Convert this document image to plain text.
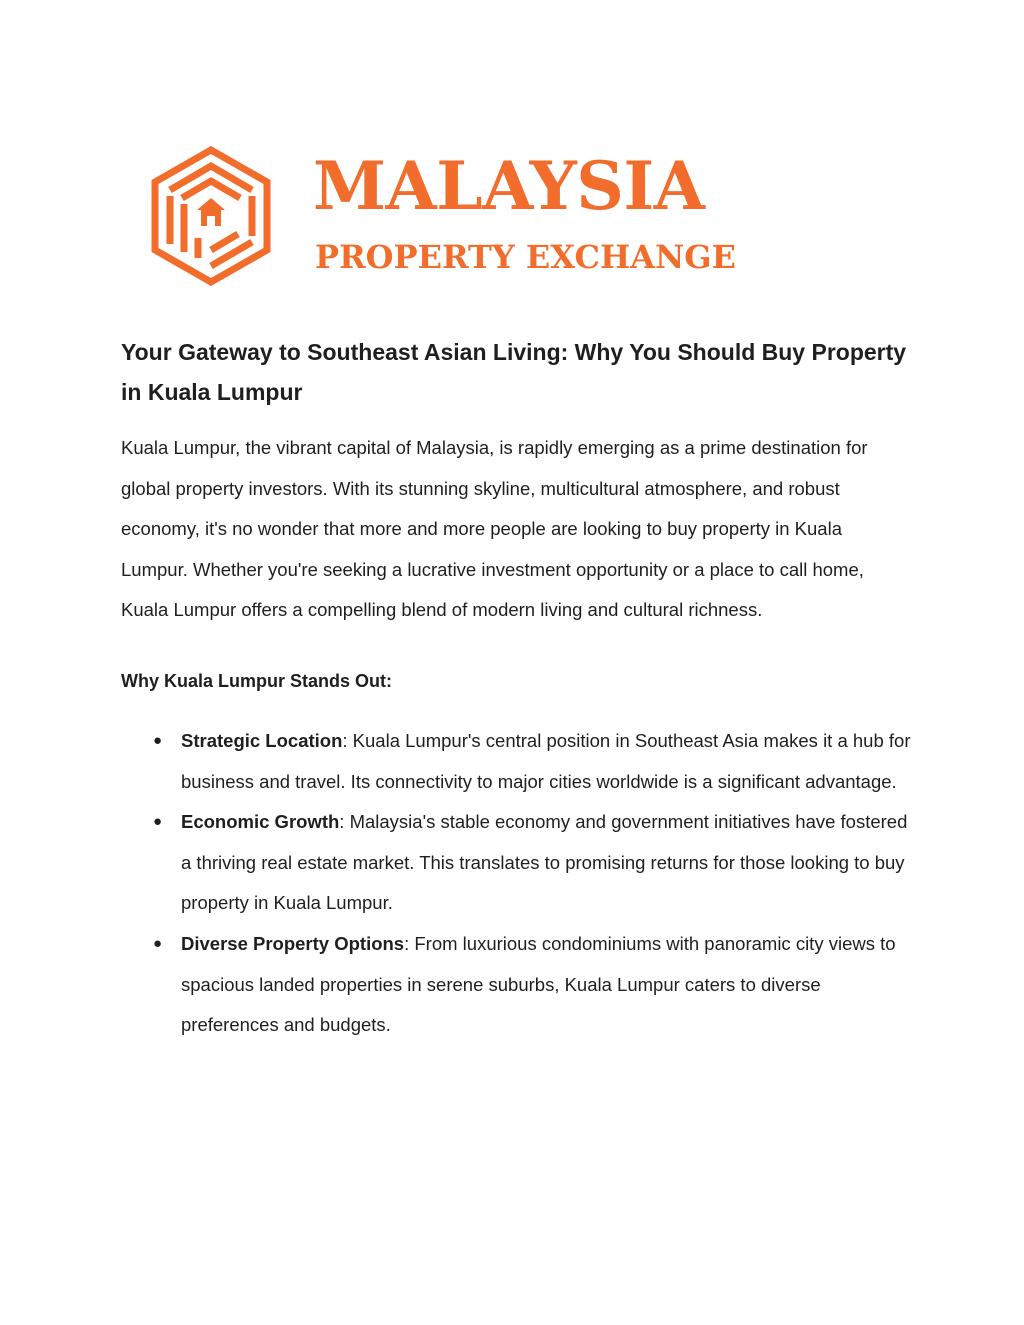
MALAYSIA
PROPERTY EXCHANGE
Your Gateway to Southeast Asian Living: Why You Should Buy Property in Kuala Lumpur

Kuala Lumpur, the vibrant capital of Malaysia, is rapidly emerging as a prime destination for global property investors. With its stunning skyline, multicultural atmosphere, and robust economy, it's no wonder that more and more people are looking to buy property in Kuala Lumpur. Whether you're seeking a lucrative investment opportunity or a place to call home, Kuala Lumpur offers a compelling blend of modern living and cultural richness.

Why Kuala Lumpur Stands Out:
● Strategic Location: Kuala Lumpur's central position in Southeast Asia makes it a hub for business and travel. Its connectivity to major cities worldwide is a significant advantage.
● Economic Growth: Malaysia's stable economy and government initiatives have fostered a thriving real estate market. This translates to promising returns for those looking to buy property in Kuala Lumpur.
● Diverse Property Options: From luxurious condominiums with panoramic city views to spacious landed properties in serene suburbs, Kuala Lumpur caters to diverse preferences and budgets.
